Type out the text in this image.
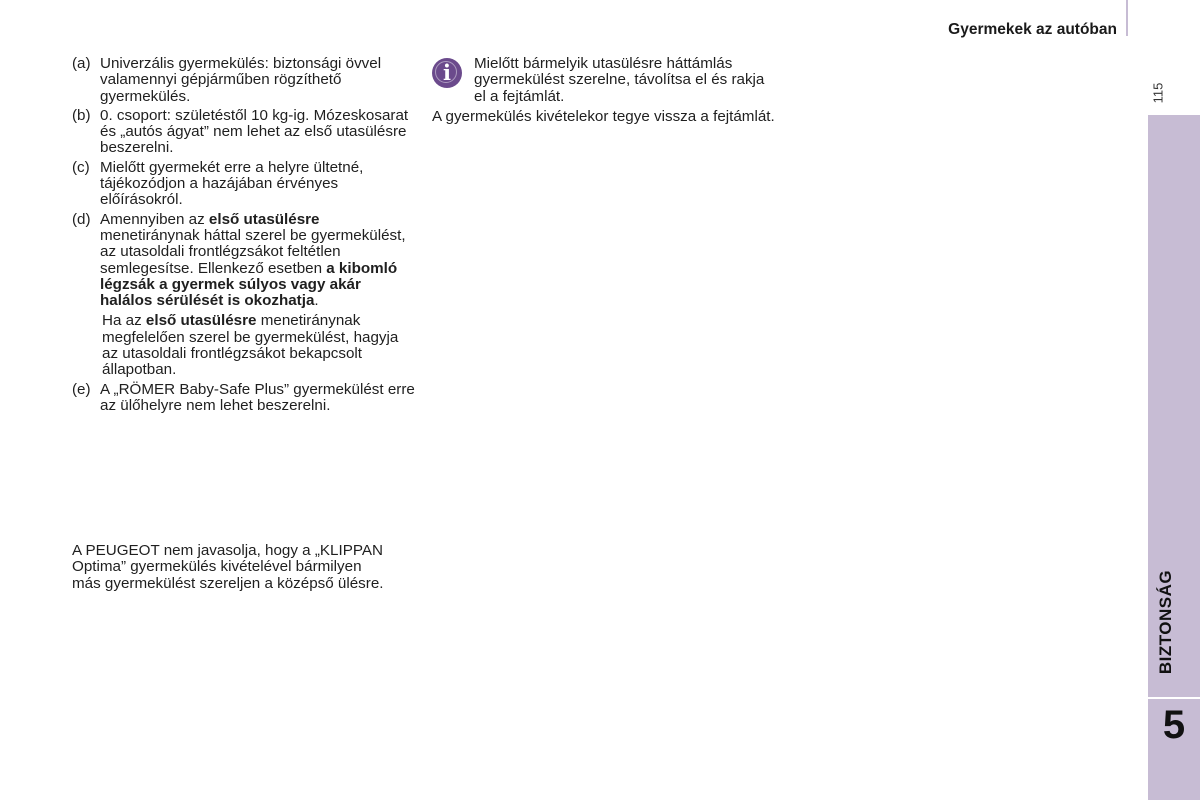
Gyermekek az autóban
115
BIZTONSÁG
5
(a) Univerzális gyermekülés: biztonsági övvel valamennyi gépjárműben rögzíthető gyermekülés.
(b) 0. csoport: születéstől 10 kg-ig. Mózeskosarat és „autós ágyat” nem lehet az első utasülésre beszerelni.
(c) Mielőtt gyermekét erre a helyre ültetné, tájékozódjon a hazájában érvényes előírásokról.
(d) Amennyiben az első utasülésre menetiránynak háttal szerel be gyermekülést, az utasoldali frontlégzsákot feltétlen semlegesítse. Ellenkező esetben a kibomló légzsák a gyermek súlyos vagy akár halálos sérülését is okozhatja.
Ha az első utasülésre menetiránynak megfelelően szerel be gyermekülést, hagyja az utasoldali frontlégzsákot bekapcsolt állapotban.
(e) A „RÖMER Baby-Safe Plus” gyermekülést erre az ülőhelyre nem lehet beszerelni.
A PEUGEOT nem javasolja, hogy a „KLIPPAN Optima” gyermekülés kivételével bármilyen más gyermekülést szereljen a középső ülésre.
i Mielőtt bármelyik utasülésre háttámlás gyermekülést szerelne, távolítsa el és rakja el a fejtámlát.
A gyermekülés kivételekor tegye vissza a fejtámlát.
